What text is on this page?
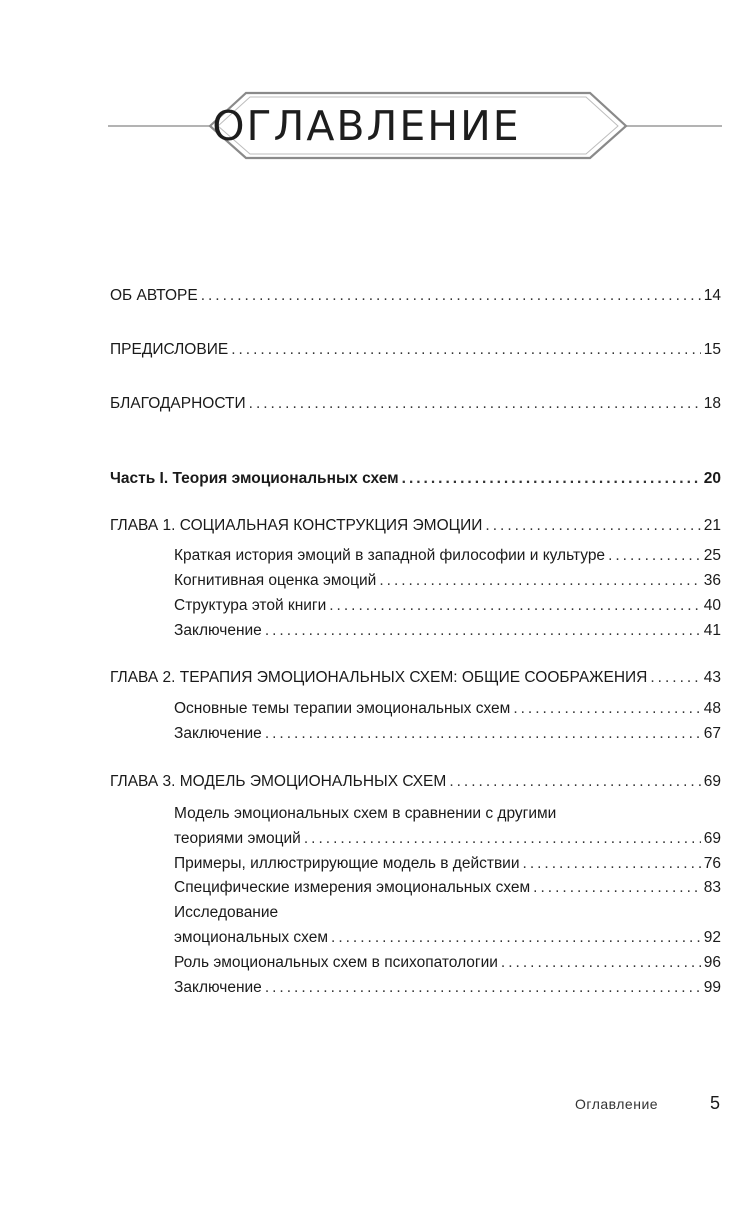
ОГЛАВЛЕНИЕ
ОБ АВТОРЕ .....	14
ПРЕДИСЛОВИЕ .....	15
БЛАГОДАРНОСТИ .....	18
Часть I. Теория эмоциональных схем .....	20
ГЛАВА 1. СОЦИАЛЬНАЯ КОНСТРУКЦИЯ ЭМОЦИИ .....	21
Краткая история эмоций в западной философии и культуре .....	25
Когнитивная оценка эмоций .....	36
Структура этой книги .....	40
Заключение .....	41
ГЛАВА 2. ТЕРАПИЯ ЭМОЦИОНАЛЬНЫХ СХЕМ: ОБЩИЕ СООБРАЖЕНИЯ .....	43
Основные темы терапии эмоциональных схем .....	48
Заключение .....	67
ГЛАВА 3. МОДЕЛЬ ЭМОЦИОНАЛЬНЫХ СХЕМ .....	69
Модель эмоциональных схем в сравнении с другими
теориями эмоций .....	69
Примеры, иллюстрирующие модель в действии .....	76
Специфические измерения эмоциональных схем .....	83
Исследование
эмоциональных схем .....	92
Роль эмоциональных схем в психопатологии .....	96
Заключение .....	99
Оглавление	5
